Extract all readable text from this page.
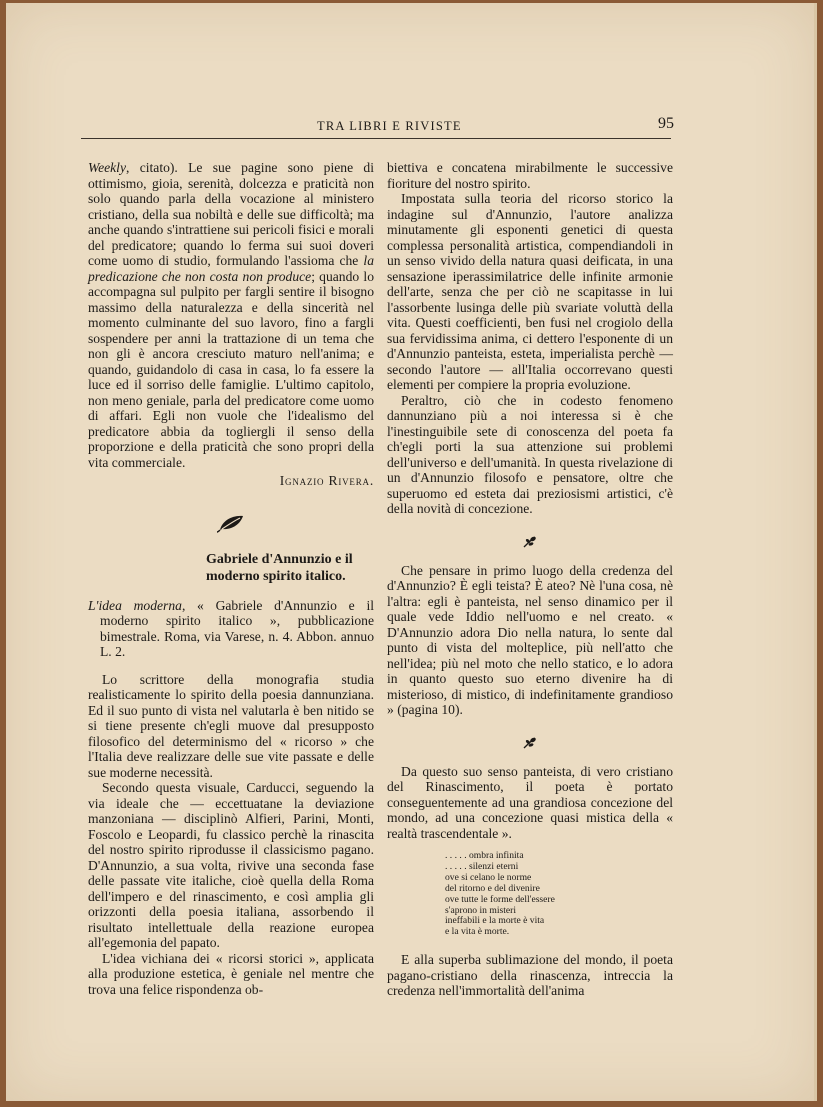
TRA LIBRI E RIVISTE	95

Weekly, citato). Le sue pagine sono piene di ottimismo, gioia, serenità, dolcezza e praticità non solo quando parla della vocazione al ministero cristiano, della sua nobiltà e delle sue difficoltà; ma anche quando s'intrattiene sui pericoli fisici e morali del predicatore; quando lo ferma sui suoi doveri come uomo di studio, formulando l'assioma che la predicazione che non costa non produce; quando lo accompagna sul pulpito per fargli sentire il bisogno massimo della naturalezza e della sincerità nel momento culminante del suo lavoro, fino a fargli sospendere per anni la trattazione di un tema che non gli è ancora cresciuto maturo nell'anima; e quando, guidandolo di casa in casa, lo fa essere la luce ed il sorriso delle famiglie. L'ultimo capitolo, non meno geniale, parla del predicatore come uomo di affari. Egli non vuole che l'idealismo del predicatore abbia da togliergli il senso della proporzione e della praticità che sono propri della vita commerciale.

Ignazio Rivera.
Gabriele d'Annunzio e il
moderno spirito italico.

L'idea moderna, « Gabriele d'Annunzio e il moderno spirito italico », pubblicazione bimestrale. Roma, via Varese, n. 4. Abbon. annuo L. 2.

Lo scrittore della monografia studia realisticamente lo spirito della poesia dannunziana. Ed il suo punto di vista nel valutarla è ben nitido se si tiene presente ch'egli muove dal presupposto filosofico del determinismo del « ricorso » che l'Italia deve realizzare delle sue vite passate e delle sue moderne necessità.

Secondo questa visuale, Carducci, seguendo la via ideale che — eccettuatane la deviazione manzoniana — disciplinò Alfieri, Parini, Monti, Foscolo e Leopardi, fu classico perchè la rinascita del nostro spirito riprodusse il classicismo pagano. D'Annunzio, a sua volta, rivive una seconda fase delle passate vite italiche, cioè quella della Roma dell'impero e del rinascimento, e così amplia gli orizzonti della poesia italiana, assorbendo il risultato intellettuale della reazione europea all'egemonia del papato.

L'idea vichiana dei « ricorsi storici », applicata alla produzione estetica, è geniale nel mentre che trova una felice rispondenza ob-

biettiva e concatena mirabilmente le successive fioriture del nostro spirito.

Impostata sulla teoria del ricorso storico la indagine sul d'Annunzio, l'autore analizza minutamente gli esponenti genetici di questa complessa personalità artistica, compendiandoli in un senso vivido della natura quasi deificata, in una sensazione iperassimilatrice delle infinite armonie dell'arte, senza che per ciò ne scapitasse in lui l'assorbente lusinga delle più svariate voluttà della vita. Questi coefficienti, ben fusi nel crogiolo della sua fervidissima anima, ci dettero l'esponente di un d'Annunzio panteista, esteta, imperialista perchè — secondo l'autore — all'Italia occorrevano questi elementi per compiere la propria evoluzione.

Peraltro, ciò che in codesto fenomeno dannunziano più a noi interessa si è che l'inestinguibile sete di conoscenza del poeta fa ch'egli porti la sua attenzione sui problemi dell'universo e dell'umanità. In questa rivelazione di un d'Annunzio filosofo e pensatore, oltre che superuomo ed esteta dai preziosismi artistici, c'è della novità di concezione.

Che pensare in primo luogo della credenza del d'Annunzio? È egli teista? È ateo? Nè l'una cosa, nè l'altra: egli è panteista, nel senso dinamico per il quale vede Iddio nell'uomo e nel creato. « D'Annunzio adora Dio nella natura, lo sente dal punto di vista del molteplice, più nell'atto che nell'idea; più nel moto che nello statico, e lo adora in quanto questo suo eterno divenire ha di misterioso, di mistico, di indefinitamente grandioso » (pagina 10).

Da questo suo senso panteista, di vero cristiano del Rinascimento, il poeta è portato conseguentemente ad una grandiosa concezione del mondo, ad una concezione quasi mistica della « realtà trascendentale ».

. . . . . ombra infinita
. . . . . silenzi eterni
ove si celano le norme
del ritorno e del divenire
ove tutte le forme dell'essere
s'aprono in misteri
ineffabili e la morte è vita
e la vita è morte.

E alla superba sublimazione del mondo, il poeta pagano-cristiano della rinascenza, intreccia la credenza nell'immortalità dell'anima
